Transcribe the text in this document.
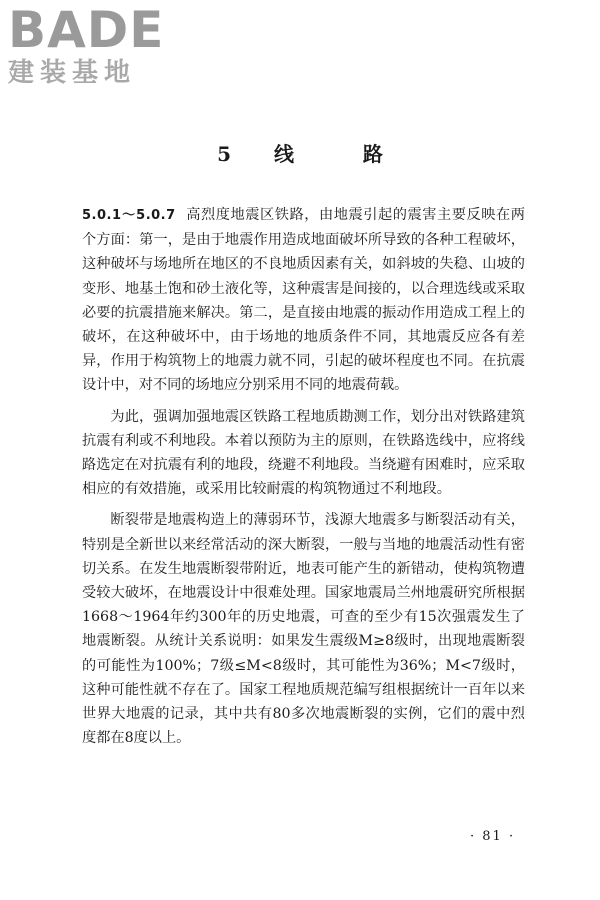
BADE
建装基地
5 线	路

5.0.1～5.0.7 高烈度地震区铁路，由地震引起的震害主要反映在两个方面：第一，是由于地震作用造成地面破坏所导致的各种工程破坏，这种破坏与场地所在地区的不良地质因素有关，如斜坡的失稳、山坡的变形、地基土饱和砂土液化等，这种震害是间接的，以合理选线或采取必要的抗震措施来解决。第二，是直接由地震的振动作用造成工程上的破坏，在这种破坏中，由于场地的地质条件不同，其地震反应各有差异，作用于构筑物上的地震力就不同，引起的破坏程度也不同。在抗震设计中，对不同的场地应分别采用不同的地震荷载。

为此，强调加强地震区铁路工程地质勘测工作，划分出对铁路建筑抗震有利或不利地段。本着以预防为主的原则，在铁路选线中，应将线路选定在对抗震有利的地段，绕避不利地段。当绕避有困难时，应采取相应的有效措施，或采用比较耐震的构筑物通过不利地段。

断裂带是地震构造上的薄弱环节，浅源大地震多与断裂活动有关，特别是全新世以来经常活动的深大断裂，一般与当地的地震活动性有密切关系。在发生地震断裂带附近，地表可能产生的新错动，使构筑物遭受较大破坏，在地震设计中很难处理。国家地震局兰州地震研究所根据1668～1964年约300年的历史地震，可查的至少有15次强震发生了地震断裂。从统计关系说明：如果发生震级M≥8级时，出现地震断裂的可能性为100%；7级≤M<8级时，其可能性为36%；M<7级时，这种可能性就不存在了。国家工程地质规范编写组根据统计一百年以来世界大地震的记录，其中共有80多次地震断裂的实例，它们的震中烈度都在8度以上。

· 81 ·
